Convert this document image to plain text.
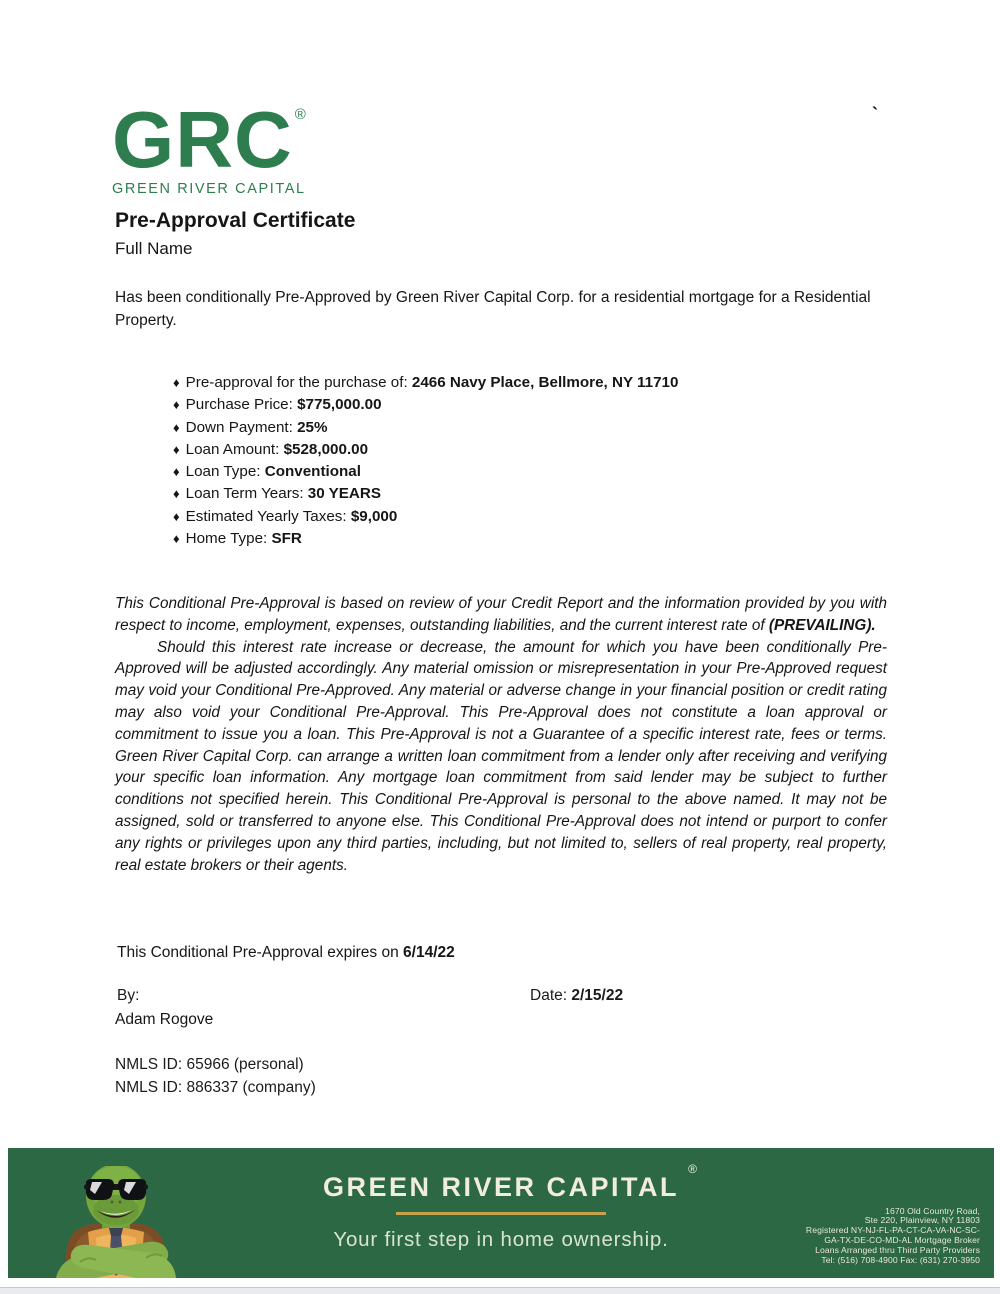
GRC ®
GREEN RIVER CAPITAL
`
Pre-Approval Certificate
Full Name
Has been conditionally Pre-Approved by Green River Capital Corp. for a residential mortgage for a Residential Property.
♦ Pre-approval for the purchase of: 2466 Navy Place, Bellmore, NY 11710
♦ Purchase Price: $775,000.00
♦ Down Payment: 25%
♦ Loan Amount: $528,000.00
♦ Loan Type: Conventional
♦ Loan Term Years: 30 YEARS
♦ Estimated Yearly Taxes: $9,000
♦ Home Type: SFR

This Conditional Pre-Approval is based on review of your Credit Report and the information provided by you with respect to income, employment, expenses, outstanding liabilities, and the current interest rate of (PREVAILING).

Should this interest rate increase or decrease, the amount for which you have been conditionally Pre-Approved will be adjusted accordingly. Any material omission or misrepresentation in your Pre-Approved request may void your Conditional Pre-Approved. Any material or adverse change in your financial position or credit rating may also void your Conditional Pre-Approval. This Pre-Approval does not constitute a loan approval or commitment to issue you a loan. This Pre-Approval is not a Guarantee of a specific interest rate, fees or terms. Green River Capital Corp. can arrange a written loan commitment from a lender only after receiving and verifying your specific loan information. Any mortgage loan commitment from said lender may be subject to further conditions not specified herein. This Conditional Pre-Approval is personal to the above named. It may not be assigned, sold or transferred to anyone else. This Conditional Pre-Approval does not intend or purport to confer any rights or privileges upon any third parties, including, but not limited to, sellers of real property, real property, real estate brokers or their agents.

This Conditional Pre-Approval expires on 6/14/22
By:	Date: 2/15/22
Adam Rogove
NMLS ID: 65966 (personal)
NMLS ID: 886337 (company)
GREEN RIVER CAPITAL
®
Your first step in home ownership.
1670 Old Country Road,
Ste 220, Plainview, NY 11803
Registered NY-NJ-FL-PA-CT-CA-VA-NC-SC-
GA-TX-DE-CO-MD-AL Mortgage Broker
Loans Arranged thru Third Party Providers
Tel: (516) 708-4900 Fax: (631) 270-3950
